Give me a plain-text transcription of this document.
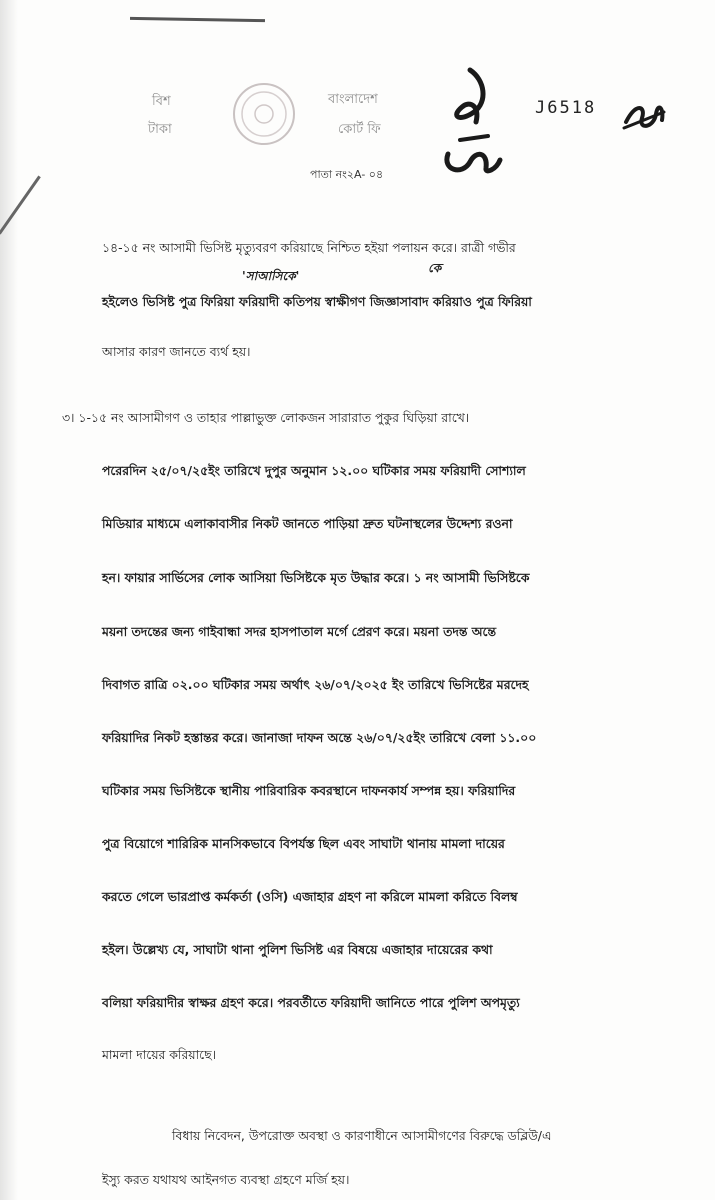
বিশ
টাকা
বাংলাদেশ
কোর্ট ফি
J6518
পাতা নং২A- ০৪
'সাআসিকে'
কে
১৪-১৫ নং আসামী ভিসিষ্ট মৃত্যুবরণ করিয়াছে নিশ্চিত হইয়া পলায়ন করে। রাত্রী গভীর
হইলেও ভিসিষ্ট পুত্র ফিরিয়া ফরিয়াদী কতিপয় স্বাক্ষীগণ জিজ্ঞাসাবাদ করিয়াও পুত্র ফিরিয়া
আসার কারণ জানতে ব্যর্থ হয়।
৩। ১-১৫ নং আসামীগণ ও তাহার পাল্লাভুক্ত লোকজন সারারাত পুকুর ঘিড়িয়া রাখে।
পরেরদিন ২৫/০৭/২৫ইং তারিখে দুপুর অনুমান ১২.০০ ঘটিকার সময় ফরিয়াদী সোশ্যাল
মিডিয়ার মাধ্যমে এলাকাবাসীর নিকট জানতে পাড়িয়া দ্রুত ঘটনাস্থলের উদ্দেশ্য রওনা
হন। ফায়ার সার্ভিসের লোক আসিয়া ভিসিষ্টকে মৃত উদ্ধার করে। ১ নং আসামী ভিসিষ্টকে
ময়না তদন্তের জন্য গাইবান্ধা সদর হাসপাতাল মর্গে প্রেরণ করে। ময়না তদন্ত অন্তে
দিবাগত রাত্রি ০২.০০ ঘটিকার সময় অর্থাৎ ২৬/০৭/২০২৫ ইং তারিখে ভিসিষ্টের মরদেহ
ফরিয়াদির নিকট হস্তান্তর করে। জানাজা দাফন অন্তে ২৬/০৭/২৫ইং তারিখে বেলা ১১.০০
ঘটিকার সময় ভিসিষ্টকে স্থানীয় পারিবারিক কবরস্থানে দাফনকার্য সম্পন্ন হয়। ফরিয়াদির
পুত্র বিয়োগে শারিরিক মানসিকভাবে বিপর্যস্ত ছিল এবং সাঘাটা থানায় মামলা দায়ের
করতে গেলে ভারপ্রাপ্ত কর্মকর্তা (ওসি) এজাহার গ্রহণ না করিলে মামলা করিতে বিলম্ব
হইল। উল্লেখ্য যে, সাঘাটা থানা পুলিশ ভিসিষ্ট এর বিষয়ে এজাহার দায়েরের কথা
বলিয়া ফরিয়াদীর স্বাক্ষর গ্রহণ করে। পরবর্তীতে ফরিয়াদী জানিতে পারে পুলিশ অপমৃত্যু
মামলা দায়ের করিয়াছে।
বিধায় নিবেদন, উপরোক্ত অবস্থা ও কারণাধীনে আসামীগণের বিরুদ্ধে ডব্লিউ/এ
ইস্যু করত যথাযথ আইনগত ব্যবস্থা গ্রহণে মর্জি হয়।
